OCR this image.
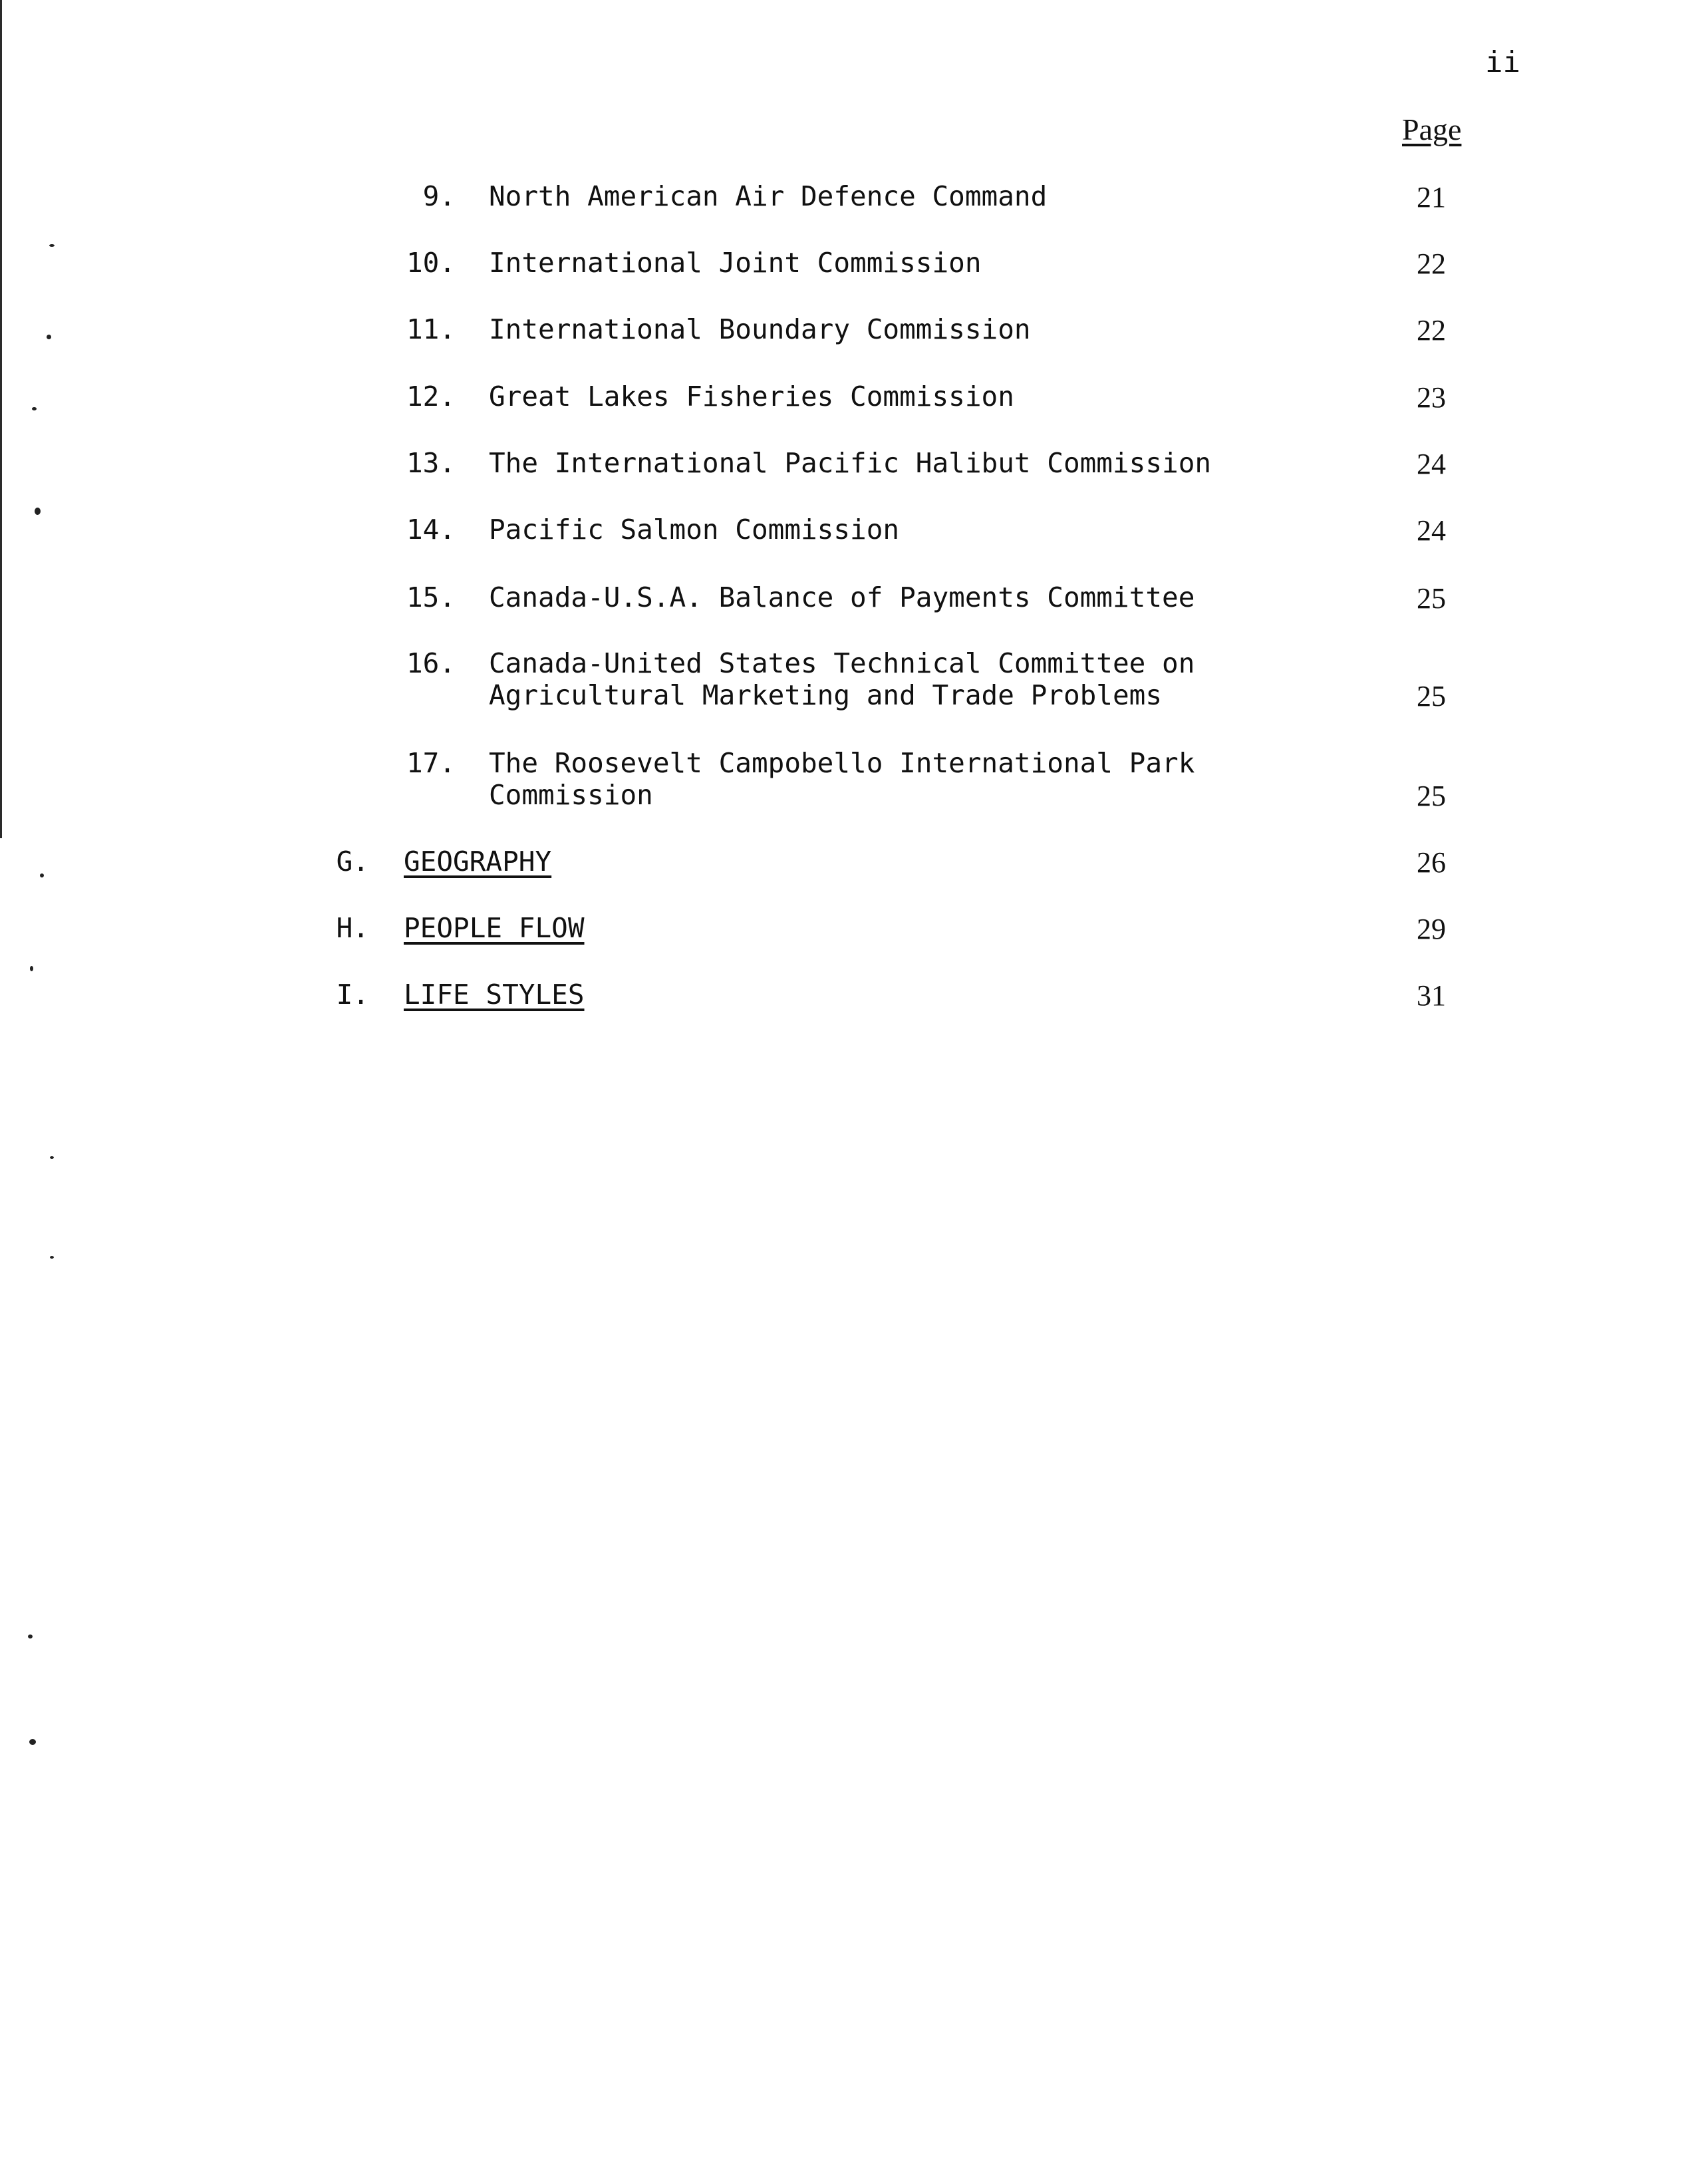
ii
Page
9. North American Air Defence Command	21
10. International Joint Commission	22
11. International Boundary Commission	22
12. Great Lakes Fisheries Commission	23
13. The International Pacific Halibut Commission	24
14. Pacific Salmon Commission	24
15. Canada-U.S.A. Balance of Payments Committee	25
16. Canada-United States Technical Committee on
Agricultural Marketing and Trade Problems	25
17. The Roosevelt Campobello International Park
Commission	25
G. GEOGRAPHY	26
H. PEOPLE FLOW	29
I. LIFE STYLES	31
